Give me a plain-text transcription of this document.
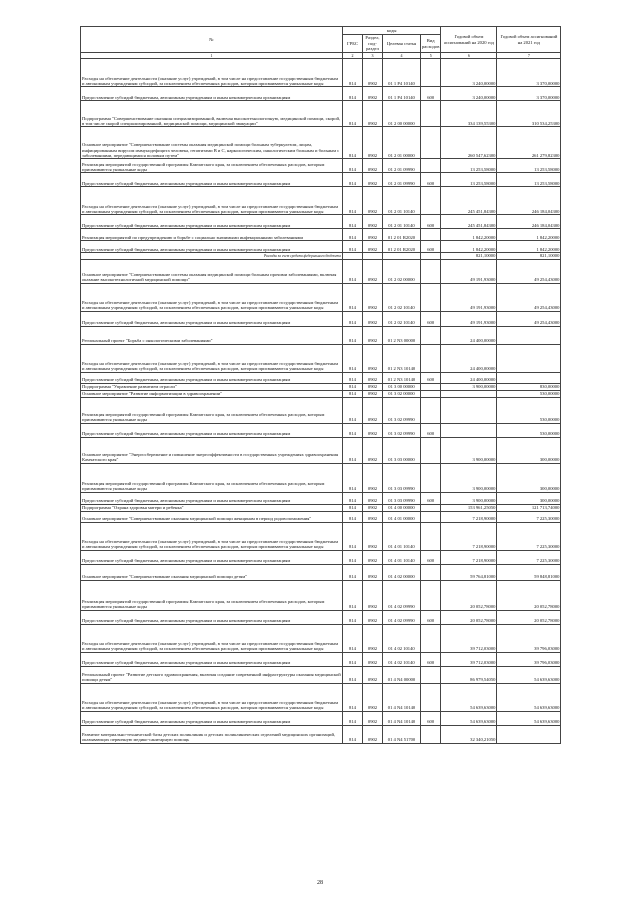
№	коды				Годовой объем ассигнований на 2020 год	Годовой объем ассигнований на 2021 год
	ГРБС	Раздел, под-раздел	Целевая статья	Вид расходов		
1	2	3	4	5	6	7
Расходы на обеспечение деятельности (оказание услуг) учреждений, в том числе на предоставление государственным бюджетным и автономным учреждениям субсидий, за исключением обеспеченных расходов, которым присваиваются уникальные коды	814	0902	01 1 Р4 10140		3 240,00000	3 370,00000
Предоставление субсидий бюджетным, автономным учреждениям и иным некоммерческим организациям	814	0902	01 1 Р4 10140	600	3 240,00000	3 370,00000
Подпрограмма "Совершенствование оказания специализированной, включая высокотехнологичную, медицинской помощи, скорой, в том числе скорой специализированной, медицинской помощи, медицинской эвакуации"	814	0902	01 2 00 00000		334 139,55300	310 534,25300
Основное мероприятие "Совершенствование системы оказания медицинской помощи больным туберкулезом, лицам, инфицированным вирусом иммунодефицита человека, гепатитами В и С, наркологическим, онкологическим больным и больным с заболеваниями, передающимися половым путем"	814	0902	01 2 01 00000		260 547,62300	261 279,82300
Реализация мероприятий государственной программы Камчатского края, за исключением обеспеченных расходов, которым присваиваются уникальные коды	814	0902	01 2 01 09990		13 253,58000	13 253,58000
Предоставление субсидий бюджетным, автономным учреждениям и иным некоммерческим организациям	814	0902	01 2 01 09990	600	13 253,58000	13 253,58000
Расходы на обеспечение деятельности (оказание услуг) учреждений, в том числе на предоставление государственным бюджетным и автономным учреждениям субсидий, за исключением обеспеченных расходов, которым присваиваются уникальные коды	814	0902	01 2 01 10140		245 451,84300	246 184,04300
Предоставление субсидий бюджетным, автономным учреждениям и иным некоммерческим организациям	814	0902	01 2 01 10140	600	245 451,84300	246 184,04300
Реализация мероприятий по предупреждению и борьбе с социально значимыми инфекционными заболеваниями	814	0902	01 2 01 R2020		1 842,20000	1 842,20000
Предоставление субсидий бюджетным, автономным учреждениям и иным некоммерческим организациям	814	0902	01 2 01 R2020	600	1 842,20000	1 842,20000
Расходы за счет средств федерального бюджета					821,10000	821,10000
Основное мероприятие "Совершенствование системы оказания медицинской помощи больным прочими заболеваниями, включая оказание высокотехнологичной медицинской помощи"	814	0902	01 2 02 00000		49 191,93000	49 254,43000
Расходы на обеспечение деятельности (оказание услуг) учреждений, в том числе на предоставление государственным бюджетным и автономным учреждениям субсидий, за исключением обеспеченных расходов, которым присваиваются уникальные коды	814	0902	01 2 02 10140		49 191,93000	49 254,43000
Предоставление субсидий бюджетным, автономным учреждениям и иным некоммерческим организациям	814	0902	01 2 02 10140	600	49 191,93000	49 254,43000
Региональный проект "Борьба с онкологическими заболеваниями"	814	0902	01 2 N3 00000		24 400,00000	
Расходы на обеспечение деятельности (оказание услуг) учреждений, в том числе на предоставление государственным бюджетным и автономным учреждениям субсидий, за исключением обеспеченных расходов, которым присваиваются уникальные коды	814	0902	01 2 N3 10140		24 400,00000	
Предоставление субсидий бюджетным, автономным учреждениям и иным некоммерческим организациям	814	0902	01 2 N3 10140	600	24 400,00000	
Подпрограмма "Управление развитием отрасли"	814	0902	01 3 00 00000		3 900,00000	830,00000
Основное мероприятие "Развитие информатизации в здравоохранении"	814	0902	01 3 02 00000			530,00000
Реализация мероприятий государственной программы Камчатского края, за исключением обеспеченных расходов, которым присваиваются уникальные коды	814	0902	01 3 02 09990			530,00000
Предоставление субсидий бюджетным, автономным учреждениям и иным некоммерческим организациям	814	0902	01 3 02 09990	600		530,00000
Основное мероприятие "Энергосбережение и повышение энергоэффективности в государственных учреждениях здравоохранения Камчатского края"	814	0902	01 3 03 00000		3 900,00000	300,00000
Реализация мероприятий государственной программы Камчатского края, за исключением обеспеченных расходов, которым присваиваются уникальные коды	814	0902	01 3 03 09990		3 900,00000	300,00000
Предоставление субсидий бюджетным, автономным учреждениям и иным некоммерческим организациям	814	0902	01 3 03 09990	600	3 900,00000	300,00000
Подпрограмма "Охрана здоровья матери и ребенка"	814	0902	01 4 00 00000		153 961,25050	121 713,74000
Основное мероприятие "Совершенствование оказания медицинской помощи женщинам в период родовспоможения"	814	0902	01 4 01 00000		7 218,90000	7 225,30000
Расходы на обеспечение деятельности (оказание услуг) учреждений, в том числе на предоставление государственным бюджетным и автономным учреждениям субсидий, за исключением обеспеченных расходов, которым присваиваются уникальные коды	814	0902	01 4 01 10140		7 218,90000	7 225,30000
Предоставление субсидий бюджетным, автономным учреждениям и иным некоммерческим организациям	814	0902	01 4 01 10140	600	7 218,90000	7 225,30000
Основное мероприятие "Совершенствование оказания медицинской помощи детям"	814	0902	01 4 02 00000		59 764,81000	59 848,81000
Реализация мероприятий государственной программы Камчатского края, за исключением обеспеченных расходов, которым присваиваются уникальные коды	814	0902	01 4 02 09990		20 052,78000	20 052,78000
Предоставление субсидий бюджетным, автономным учреждениям и иным некоммерческим организациям	814	0902	01 4 02 09990	600	20 052,78000	20 052,78000
Расходы на обеспечение деятельности (оказание услуг) учреждений, в том числе на предоставление государственным бюджетным и автономным учреждениям субсидий, за исключением обеспеченных расходов, которым присваиваются уникальные коды	814	0902	01 4 02 10140		39 712,03000	39 796,03000
Предоставление субсидий бюджетным, автономным учреждениям и иным некоммерческим организациям	814	0902	01 4 02 10140	600	39 712,03000	39 796,03000
Региональный проект "Развитие детского здравоохранения, включая создание современной инфраструктуры оказания медицинской помощи детям"	814	0902	01 4 N4 00000		86 979,54050	54 639,63000
Расходы на обеспечение деятельности (оказание услуг) учреждений, в том числе на предоставление государственным бюджетным и автономным учреждениям субсидий, за исключением обеспеченных расходов, которым присваиваются уникальные коды	814	0902	01 4 N4 10140		54 639,63000	54 639,63000
Предоставление субсидий бюджетным, автономным учреждениям и иным некоммерческим организациям	814	0902	01 4 N4 10140	600	54 639,63000	54 639,63000
Развитие материально-технической базы детских поликлиник и детских поликлинических отделений медицинских организаций, оказывающих первичную медико-санитарную помощь	814	0902	01 4 N4 51700		32 340,21050	
28
